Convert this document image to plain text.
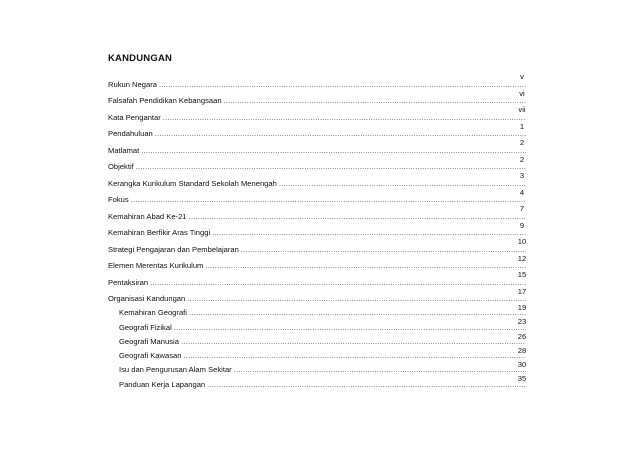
KANDUNGAN
Rukun Negara
.....
v
Falsafah Pendidikan Kebangsaan
.....
vi
Kata Pengantar
.....
vii
Pendahuluan
.....
1
Matlamat
.....
2
Objektif
.....
2
Kerangka Kurikulum Standard Sekolah Menengah
.....
3
Fokus
.....
4
Kemahiran Abad Ke-21
.....
7
Kemahiran Berfikir Aras Tinggi
.....
9
Strategi Pengajaran dan Pembelajaran
.....
10
Elemen Merentas Kurikulum
.....
12
Pentaksiran
.....
15
Organisasi Kandungan
.....
17
Kemahiran Geografi
.....
19
Geografi Fizikal
.....
23
Geografi Manusia
.....
26
Geografi Kawasan
.....
28
Isu dan Pengurusan Alam Sekitar
.....
30
Panduan Kerja Lapangan
.....
35
